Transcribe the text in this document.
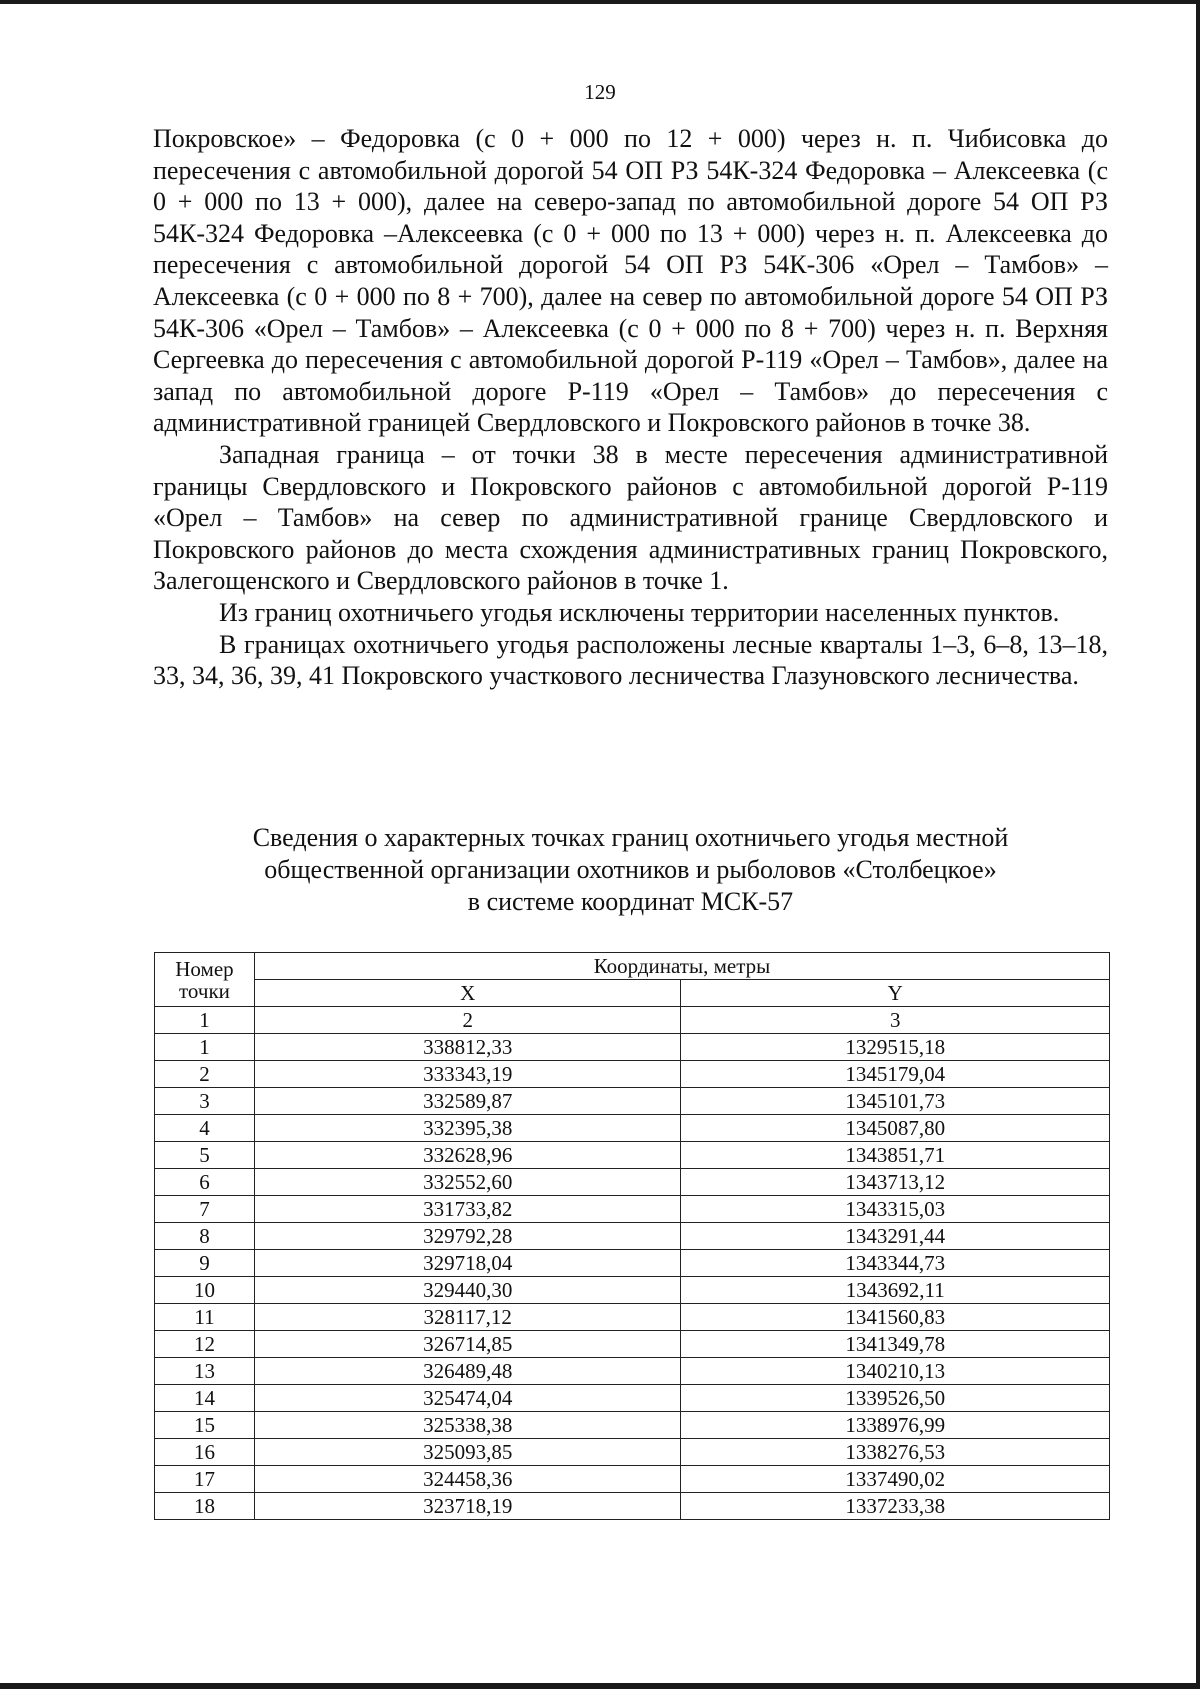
129

Покровское» – Федоровка (с 0 + 000 по 12 + 000) через н. п. Чибисовка до пересечения с автомобильной дорогой 54 ОП РЗ 54К-324 Федоровка – Алексеевка (с 0 + 000 по 13 + 000), далее на северо-запад по автомобильной дороге 54 ОП РЗ 54К-324 Федоровка –Алексеевка (с 0 + 000 по 13 + 000) через н. п. Алексеевка до пересечения с автомобильной дорогой 54 ОП РЗ 54К-306 «Орел – Тамбов» – Алексеевка (с 0 + 000 по 8 + 700), далее на север по автомобильной дороге 54 ОП РЗ 54К-306 «Орел – Тамбов» – Алексеевка (с 0 + 000 по 8 + 700) через н. п. Верхняя Сергеевка до пересечения с автомобильной дорогой Р-119 «Орел – Тамбов», далее на запад по автомобильной дороге Р-119 «Орел – Тамбов» до пересечения с административной границей Свердловского и Покровского районов в точке 38.

Западная граница – от точки 38 в месте пересечения административной границы Свердловского и Покровского районов с автомобильной дорогой Р-119 «Орел – Тамбов» на север по административной границе Свердловского и Покровского районов до места схождения административных границ Покровского, Залегощенского и Свердловского районов в точке 1.

Из границ охотничьего угодья исключены территории населенных пунктов.

В границах охотничьего угодья расположены лесные кварталы 1–3, 6–8, 13–18, 33, 34, 36, 39, 41 Покровского участкового лесничества Глазуновского лесничества.

Сведения о характерных точках границ охотничьего угодья местной
общественной организации охотников и рыболовов «Столбецкое»
в системе координат МСК-57
Номер
точки	Координаты, метры	
	X	Y
1	2	3
1	338812,33	1329515,18
2	333343,19	1345179,04
3	332589,87	1345101,73
4	332395,38	1345087,80
5	332628,96	1343851,71
6	332552,60	1343713,12
7	331733,82	1343315,03
8	329792,28	1343291,44
9	329718,04	1343344,73
10	329440,30	1343692,11
11	328117,12	1341560,83
12	326714,85	1341349,78
13	326489,48	1340210,13
14	325474,04	1339526,50
15	325338,38	1338976,99
16	325093,85	1338276,53
17	324458,36	1337490,02
18	323718,19	1337233,38
